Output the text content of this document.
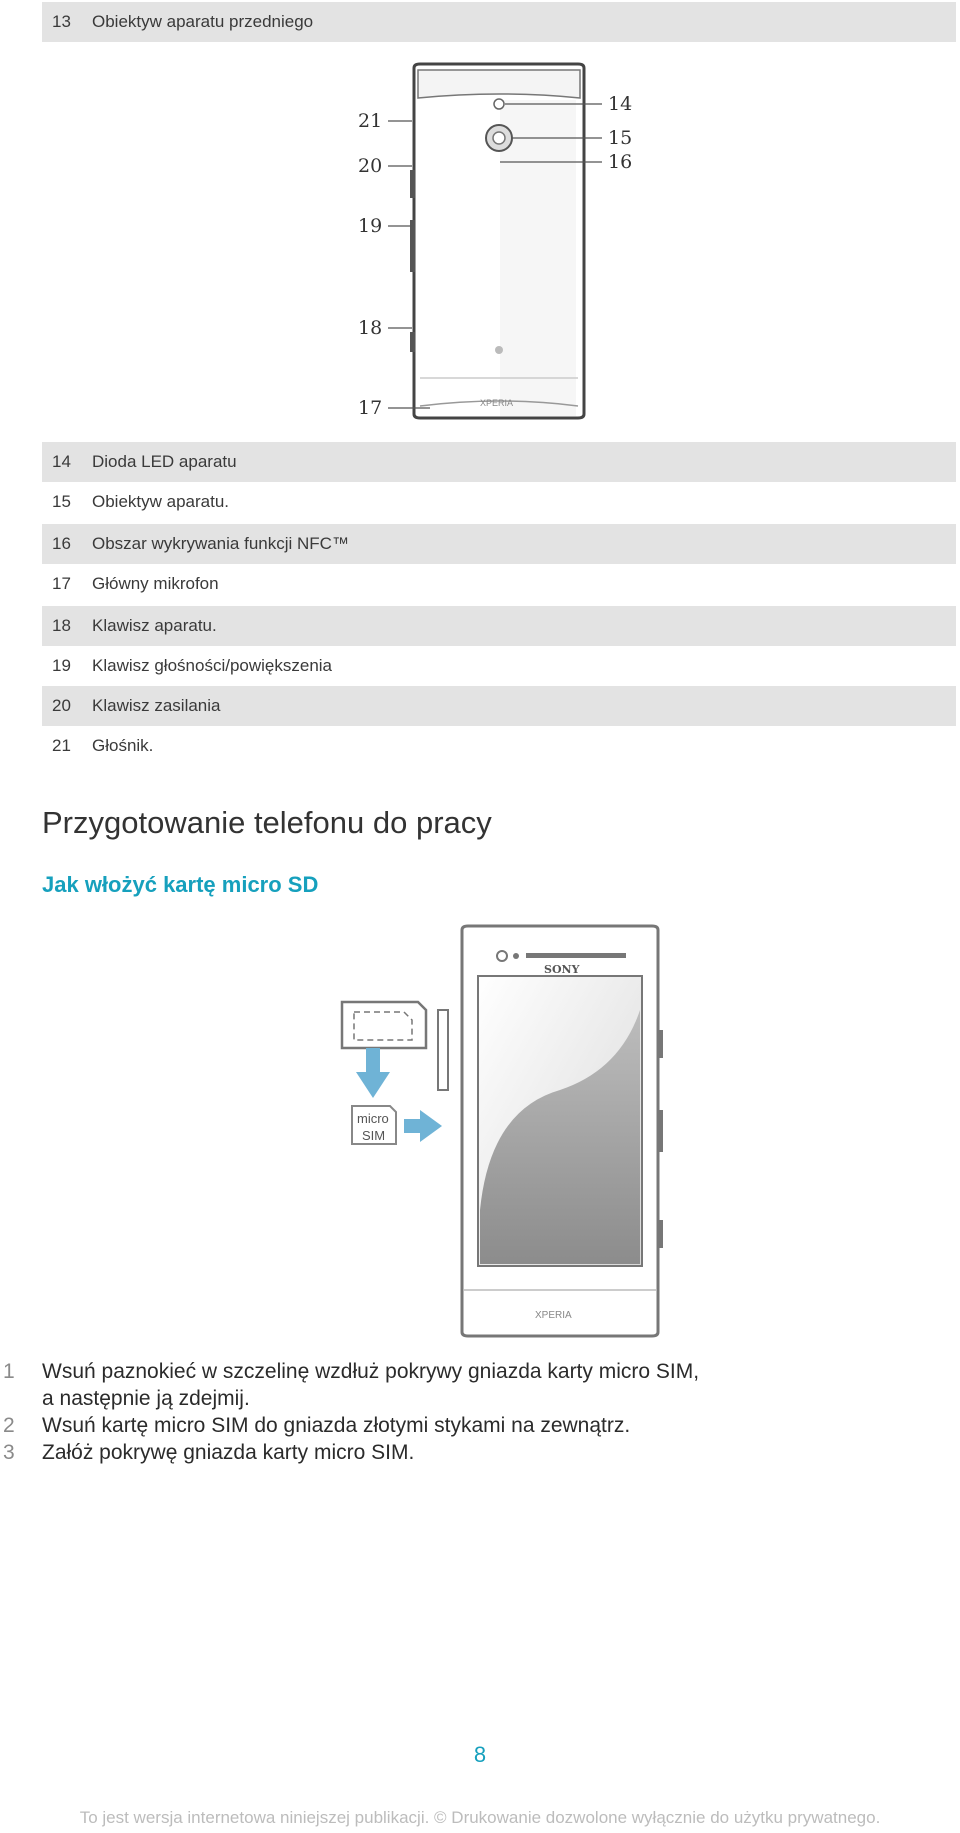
13	Obiektyw aparatu przedniego
XPERIA
21
20
19
18
17
14
15
16
14	Dioda LED aparatu
15	Obiektyw aparatu.
16	Obszar wykrywania funkcji NFC™
17	Główny mikrofon
18	Klawisz aparatu.
19	Klawisz głośności/powiększenia
20	Klawisz zasilania
21	Głośnik.
Przygotowanie telefonu do pracy
Jak włożyć kartę micro SD
SONY
XPERIA
micro
SIM
1	Wsuń paznokieć w szczelinę wzdłuż pokrywy gniazda karty micro SIM,
a następnie ją zdejmij.
2	Wsuń kartę micro SIM do gniazda złotymi stykami na zewnątrz.
3	Załóż pokrywę gniazda karty micro SIM.
8
To jest wersja internetowa niniejszej publikacji. © Drukowanie dozwolone wyłącznie do użytku prywatnego.
